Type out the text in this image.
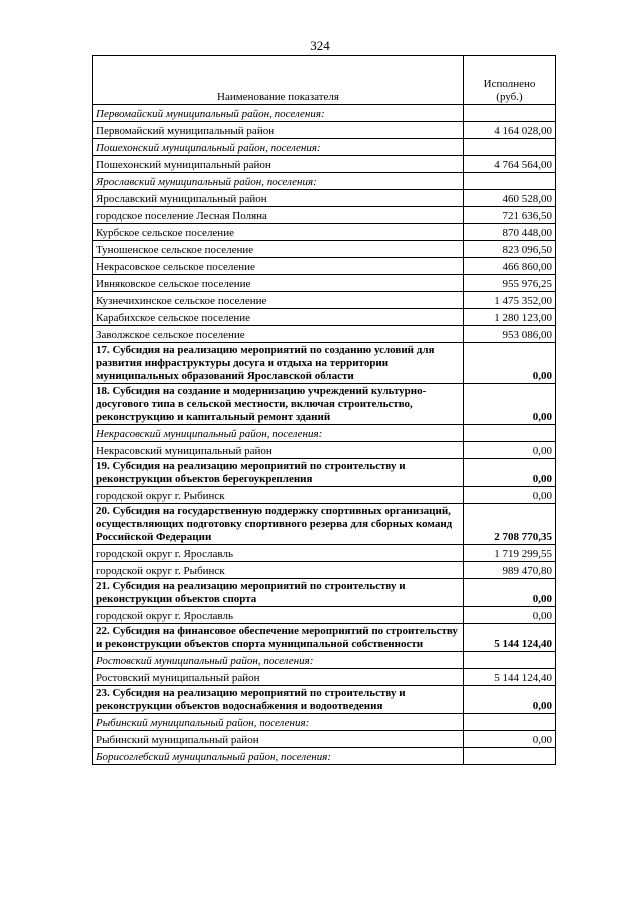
324
Наименование показателя	Исполнено
(руб.)
Первомайский муниципальный район, поселения:	
Первомайский муниципальный район	4 164 028,00
Пошехонский муниципальный район, поселения:	
Пошехонский муниципальный район	4 764 564,00
Ярославский муниципальный район, поселения:	
Ярославский муниципальный район	460 528,00
городское поселение Лесная Поляна	721 636,50
Курбское сельское поселение	870 448,00
Туношенское сельское поселение	823 096,50
Некрасовское сельское поселение	466 860,00
Ивняковское сельское поселение	955 976,25
Кузнечихинское сельское поселение	1 475 352,00
Карабихское сельское поселение	1 280 123,00
Заволжское сельское поселение	953 086,00
17. Субсидия на реализацию мероприятий по созданию условий для развития инфраструктуры досуга и отдыха на территории муниципальных образований Ярославской области	0,00
18. Субсидия на создание и модернизацию учреждений культурно-досугового типа в сельской местности, включая строительство, реконструкцию и капитальный ремонт зданий	0,00
Некрасовский муниципальный район, поселения:	
Некрасовский муниципальный район	0,00
19. Субсидия на реализацию мероприятий по строительству и реконструкции объектов берегоукрепления	0,00
городской округ г. Рыбинск	0,00
20. Субсидия на государственную поддержку спортивных организаций, осуществляющих подготовку спортивного резерва для сборных команд Российской Федерации	2 708 770,35
городской округ г. Ярославль	1 719 299,55
городской округ г. Рыбинск	989 470,80
21. Субсидия на реализацию мероприятий по строительству и реконструкции объектов спорта	0,00
городской округ г. Ярославль	0,00
22. Субсидия на финансовое обеспечение мероприятий по строительству и реконструкции объектов спорта муниципальной собственности	5 144 124,40
Ростовский муниципальный район, поселения:	
Ростовский муниципальный район	5 144 124,40
23. Субсидия на реализацию мероприятий по строительству и реконструкции объектов водоснабжения и водоотведения	0,00
Рыбинский муниципальный район, поселения:	
Рыбинский муниципальный район	0,00
Борисоглебский муниципальный район, поселения:	
